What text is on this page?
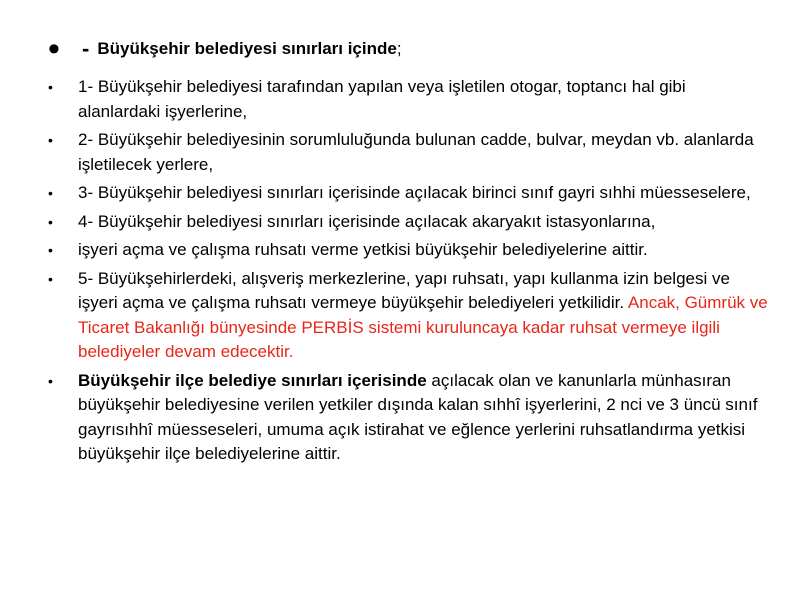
•	- Büyükşehir belediyesi sınırları içinde;
•	1- Büyükşehir belediyesi tarafından yapılan veya işletilen otogar, toptancı hal gibi alanlardaki işyerlerine,
•	2- Büyükşehir belediyesinin sorumluluğunda bulunan cadde, bulvar, meydan vb. alanlarda işletilecek yerlere,
•	3- Büyükşehir belediyesi sınırları içerisinde açılacak birinci sınıf gayri sıhhi müesseselere,
•	4- Büyükşehir belediyesi sınırları içerisinde açılacak akaryakıt istasyonlarına,
•	işyeri açma ve çalışma ruhsatı verme yetkisi büyükşehir belediyelerine aittir.
•	5- Büyükşehirlerdeki, alışveriş merkezlerine, yapı ruhsatı, yapı kullanma izin belgesi ve işyeri açma ve çalışma ruhsatı vermeye büyükşehir belediyeleri yetkilidir. Ancak, Gümrük ve Ticaret Bakanlığı bünyesinde PERBİS sistemi kuruluncaya kadar ruhsat vermeye ilgili belediyeler devam edecektir.
•	Büyükşehir ilçe belediye sınırları içerisinde açılacak olan ve kanunlarla münhasıran büyükşehir belediyesine verilen yetkiler dışında kalan sıhhî işyerlerini, 2 nci ve 3 üncü sınıf gayrısıhhî müesseseleri, umuma açık istirahat ve eğlence yerlerini ruhsatlandırma yetkisi büyükşehir ilçe belediyelerine aittir.
